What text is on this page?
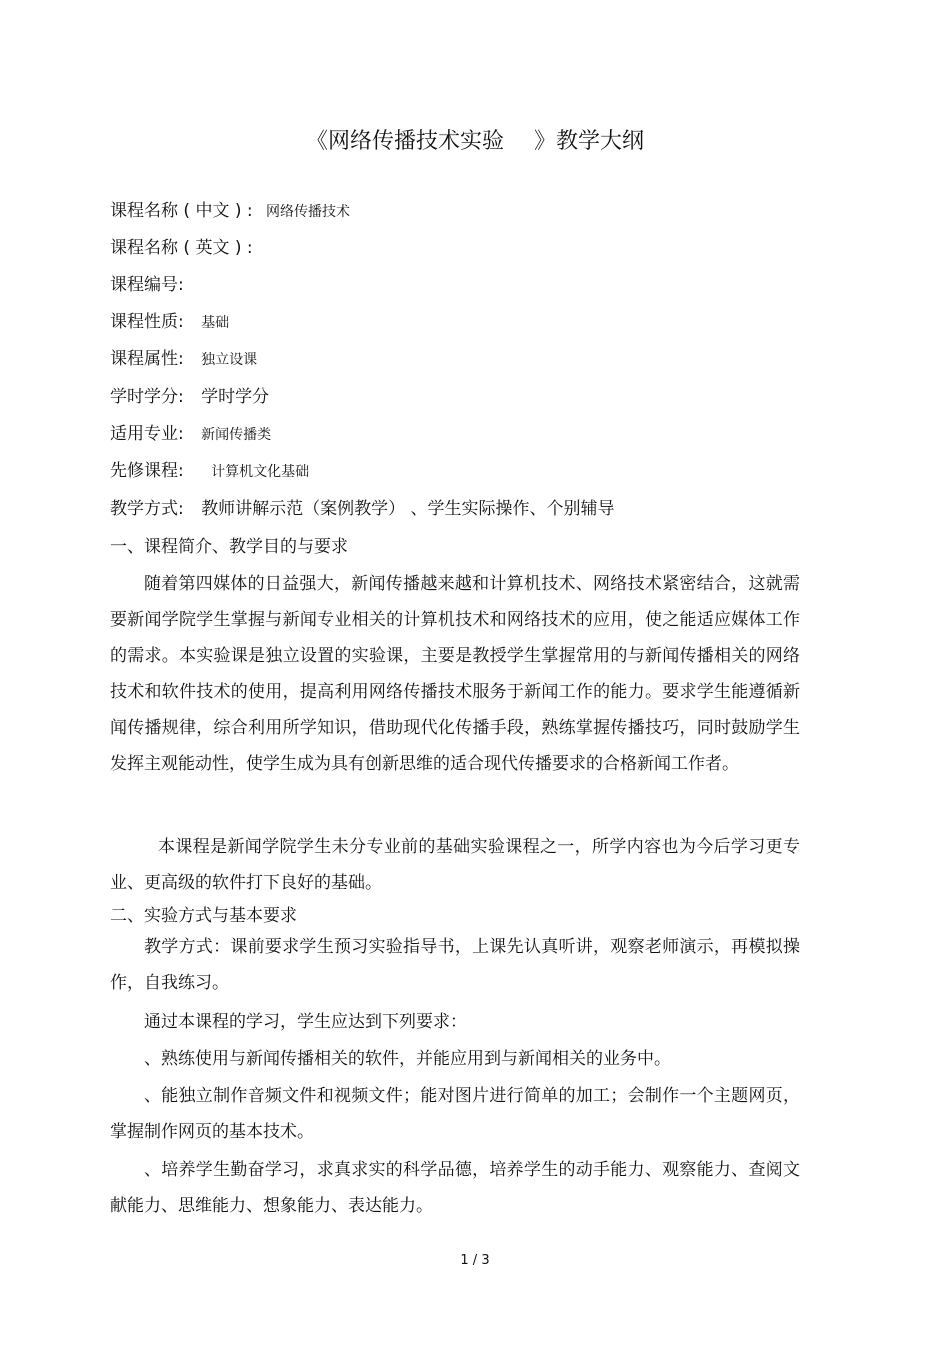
《网络传播技术实验 》教学大纲
课程名称 ( 中文 ) : 网络传播技术
课程名称 ( 英文 ) :
课程编号:
课程性质: 基础
课程属性: 独立设课
学时学分: 学时学分
适用专业: 新闻传播类
先修课程: 计算机文化基础
教学方式: 教师讲解示范（案例教学） 、学生实际操作、个别辅导
一、课程简介、教学目的与要求

随着第四媒体的日益强大，新闻传播越来越和计算机技术、网络技术紧密结合，这就需要新闻学院学生掌握与新闻专业相关的计算机技术和网络技术的应用，使之能适应媒体工作的需求。本实验课是独立设置的实验课，主要是教授学生掌握常用的与新闻传播相关的网络技术和软件技术的使用，提高利用网络传播技术服务于新闻工作的能力。要求学生能遵循新闻传播规律，综合利用所学知识，借助现代化传播手段，熟练掌握传播技巧，同时鼓励学生发挥主观能动性，使学生成为具有创新思维的适合现代传播要求的合格新闻工作者。

本课程是新闻学院学生未分专业前的基础实验课程之一，所学内容也为今后学习更专业、更高级的软件打下良好的基础。

二、实验方式与基本要求

教学方式：课前要求学生预习实验指导书，上课先认真听讲，观察老师演示，再模拟操作，自我练习。

通过本课程的学习，学生应达到下列要求：

、熟练使用与新闻传播相关的软件，并能应用到与新闻相关的业务中。

、能独立制作音频文件和视频文件；能对图片进行简单的加工；会制作一个主题网页，掌握制作网页的基本技术。

、培养学生勤奋学习，求真求实的科学品德，培养学生的动手能力、观察能力、查阅文献能力、思维能力、想象能力、表达能力。

1 / 3
